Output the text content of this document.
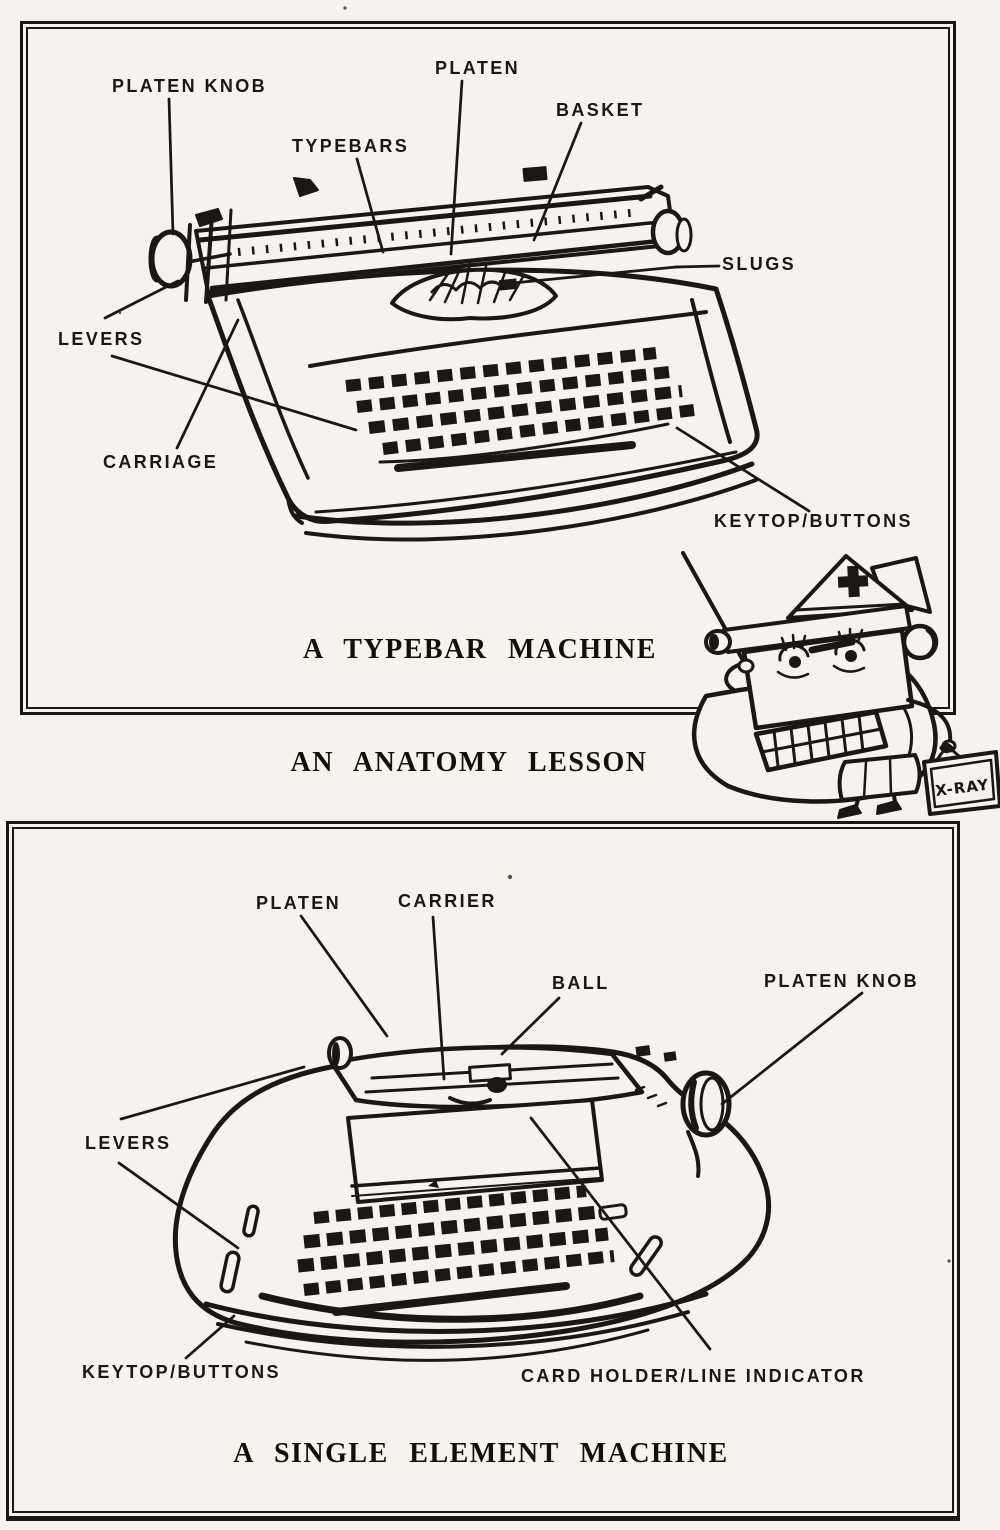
X-RAY
PLATEN KNOB
PLATEN
BASKET
TYPEBARS
SLUGS
LEVERS
CARRIAGE
KEYTOP/BUTTONS
A TYPEBAR MACHINE
AN ANATOMY LESSON
PLATEN	CARRIER
BALL	PLATEN KNOB
LEVERS
KEYTOP/BUTTONS	CARD HOLDER/LINE INDICATOR
A SINGLE ELEMENT MACHINE
